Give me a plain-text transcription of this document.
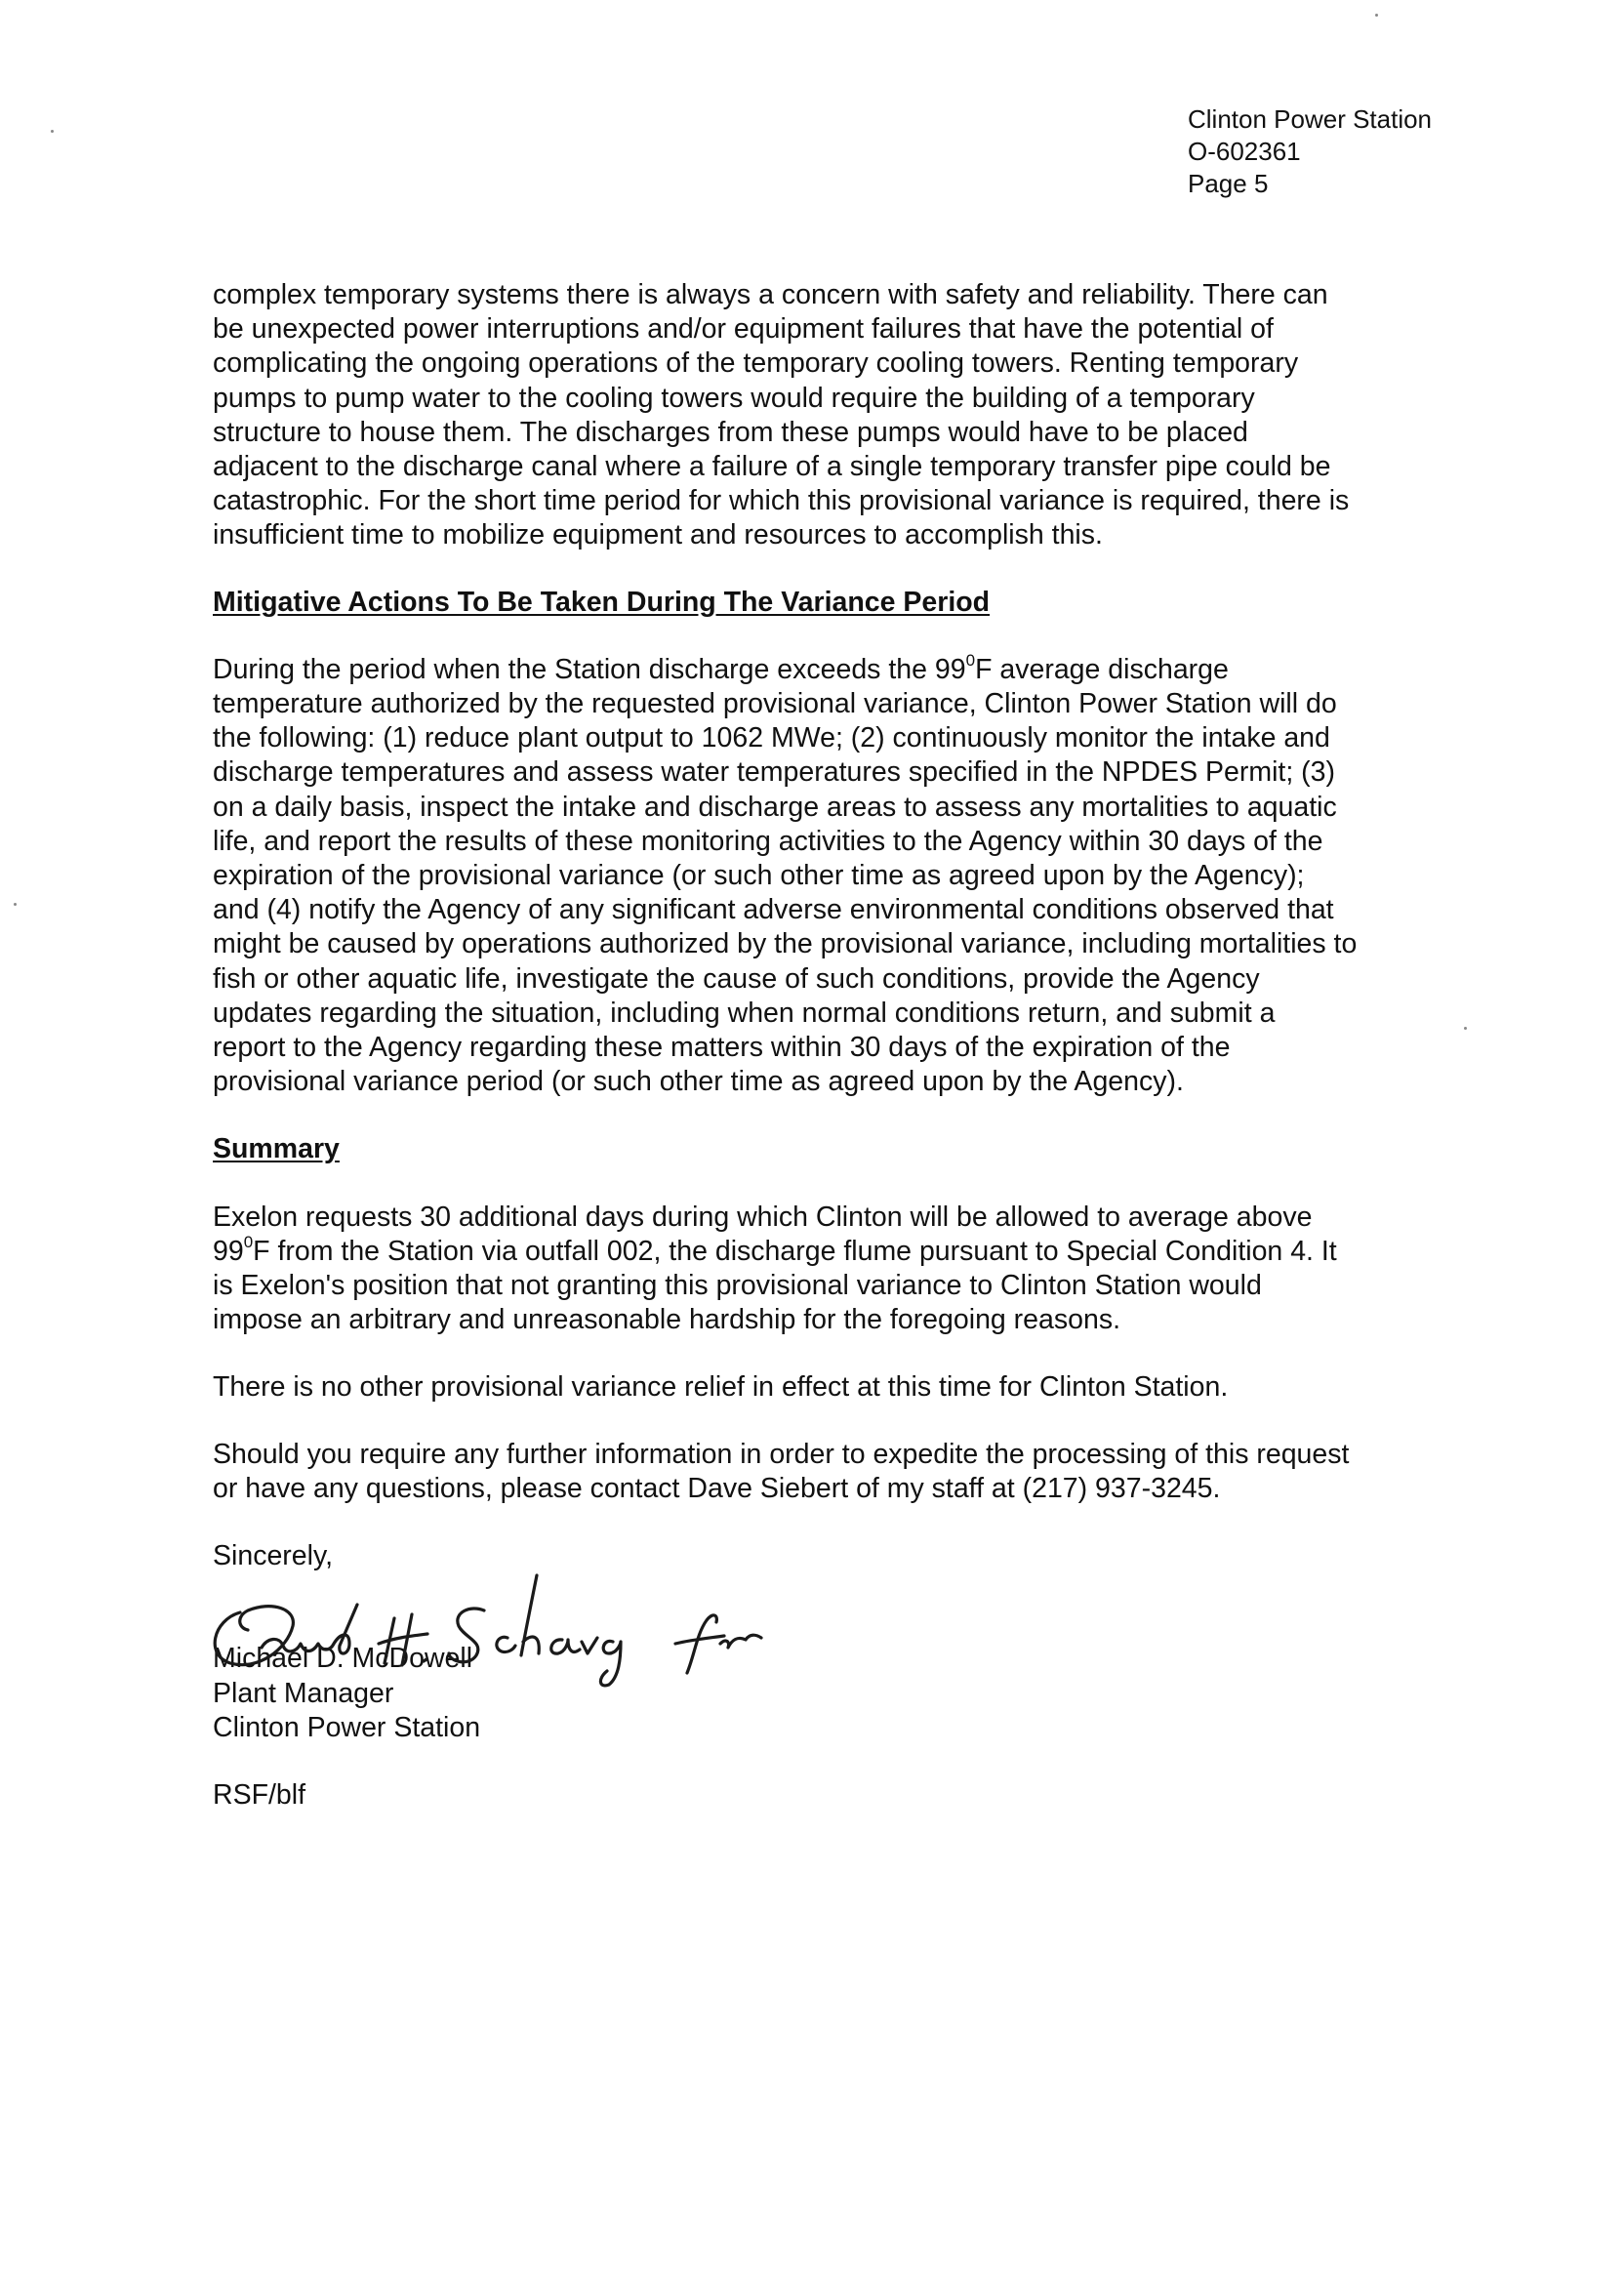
Clinton Power Station
O-602361
Page 5

complex temporary systems there is always a concern with safety and reliability. There can
be unexpected power interruptions and/or equipment failures that have the potential of
complicating the ongoing operations of the temporary cooling towers. Renting temporary
pumps to pump water to the cooling towers would require the building of a temporary
structure to house them. The discharges from these pumps would have to be placed
adjacent to the discharge canal where a failure of a single temporary transfer pipe could be
catastrophic. For the short time period for which this provisional variance is required, there is
insufficient time to mobilize equipment and resources to accomplish this.

Mitigative Actions To Be Taken During The Variance Period

During the period when the Station discharge exceeds the $99^0F$ average discharge
temperature authorized by the requested provisional variance, Clinton Power Station will do
the following: (1) reduce plant output to 1062 MWe; (2) continuously monitor the intake and
discharge temperatures and assess water temperatures specified in the NPDES Permit; (3)
on a daily basis, inspect the intake and discharge areas to assess any mortalities to aquatic
life, and report the results of these monitoring activities to the Agency within 30 days of the
expiration of the provisional variance (or such other time as agreed upon by the Agency);
and (4) notify the Agency of any significant adverse environmental conditions observed that
might be caused by operations authorized by the provisional variance, including mortalities to
fish or other aquatic life, investigate the cause of such conditions, provide the Agency
updates regarding the situation, including when normal conditions return, and submit a
report to the Agency regarding these matters within 30 days of the expiration of the
provisional variance period (or such other time as agreed upon by the Agency).

Summary

Exelon requests 30 additional days during which Clinton will be allowed to average above
$99^0F$ from the Station via outfall 002, the discharge flume pursuant to Special Condition 4. It
is Exelon's position that not granting this provisional variance to Clinton Station would
impose an arbitrary and unreasonable hardship for the foregoing reasons.

There is no other provisional variance relief in effect at this time for Clinton Station.

Should you require any further information in order to expedite the processing of this request
or have any questions, please contact Dave Siebert of my staff at (217) 937-3245.

Sincerely,

Michael D. McDowell
Plant Manager
Clinton Power Station

RSF/blf
